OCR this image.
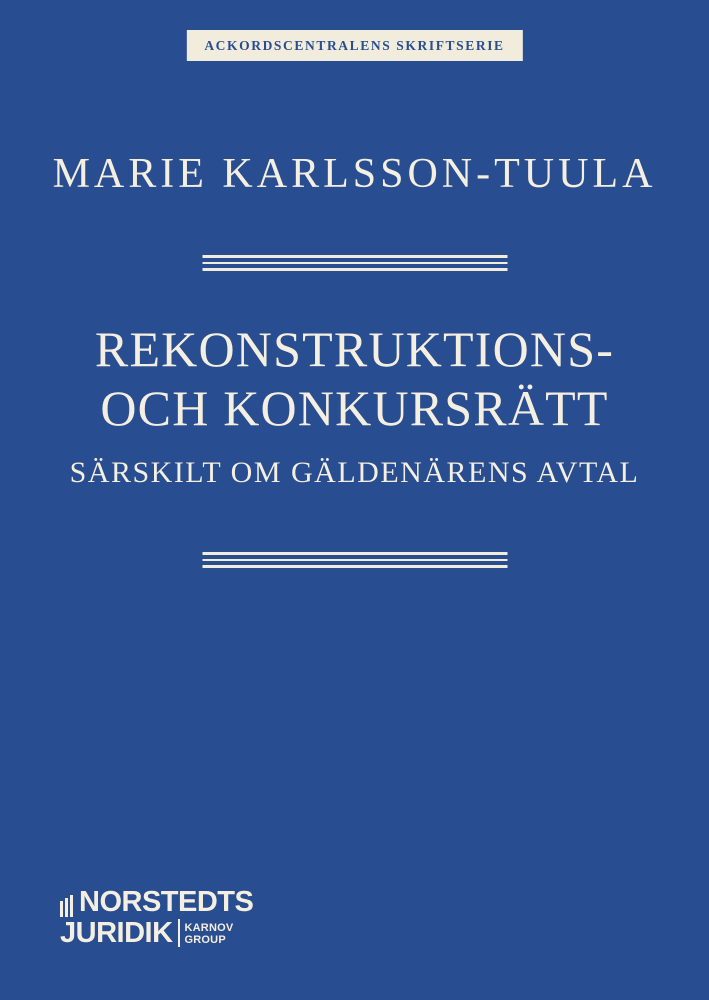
ACKORDSCENTRALENS SKRIFTSERIE
MARIE KARLSSON-TUULA
REKONSTRUKTIONS-
OCH KONKURSRÄTT
SÄRSKILT OM GÄLDENÄRENS AVTAL
NORSTEDTS
JURIDIK KARNOV
GROUP
